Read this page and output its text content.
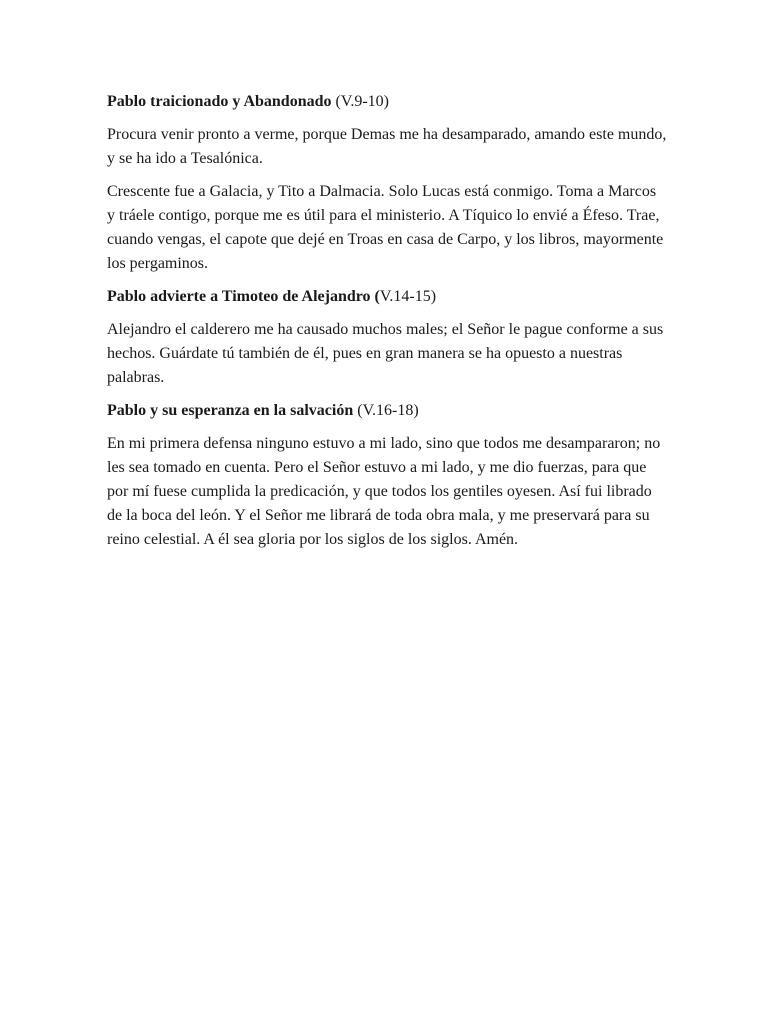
Pablo traicionado y Abandonado (V.9-10)

Procura venir pronto a verme, porque Demas me ha desamparado, amando este mundo, y se ha ido a Tesalónica.

Crescente fue a Galacia, y Tito a Dalmacia. Solo Lucas está conmigo. Toma a Marcos y tráele contigo, porque me es útil para el ministerio. A Tíquico lo envié a Éfeso. Trae, cuando vengas, el capote que dejé en Troas en casa de Carpo, y los libros, mayormente los pergaminos.

Pablo advierte a Timoteo de Alejandro (V.14-15)

Alejandro el calderero me ha causado muchos males; el Señor le pague conforme a sus hechos. Guárdate tú también de él, pues en gran manera se ha opuesto a nuestras palabras.

Pablo y su esperanza en la salvación (V.16-18)

En mi primera defensa ninguno estuvo a mi lado, sino que todos me desampararon; no les sea tomado en cuenta. Pero el Señor estuvo a mi lado, y me dio fuerzas, para que por mí fuese cumplida la predicación, y que todos los gentiles oyesen. Así fui librado de la boca del león. Y el Señor me librará de toda obra mala, y me preservará para su reino celestial. A él sea gloria por los siglos de los siglos. Amén.
